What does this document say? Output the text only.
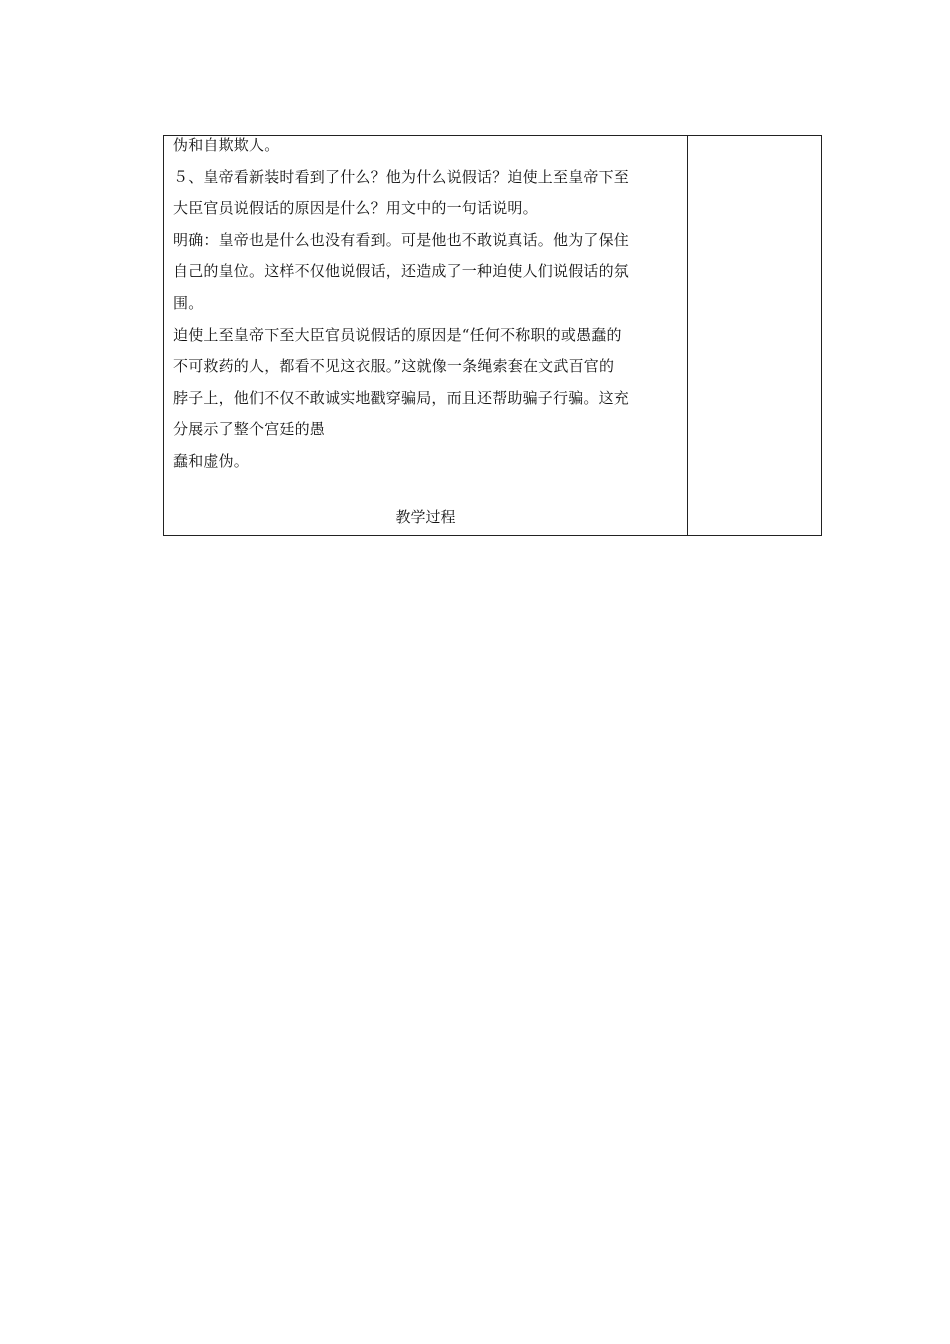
伪和自欺欺人。
５、皇帝看新装时看到了什么？他为什么说假话？迫使上至皇帝下至
大臣官员说假话的原因是什么？用文中的一句话说明。
明确：皇帝也是什么也没有看到。可是他也不敢说真话。他为了保住
自己的皇位。这样不仅他说假话，还造成了一种迫使人们说假话的氛
围。
迫使上至皇帝下至大臣官员说假话的原因是“任何不称职的或愚蠢的
不可救药的人，都看不见这衣服。”这就像一条绳索套在文武百官的
脖子上，他们不仅不敢诚实地戳穿骗局，而且还帮助骗子行骗。这充
分展示了整个宫廷的愚
蠢和虚伪。
教学过程
